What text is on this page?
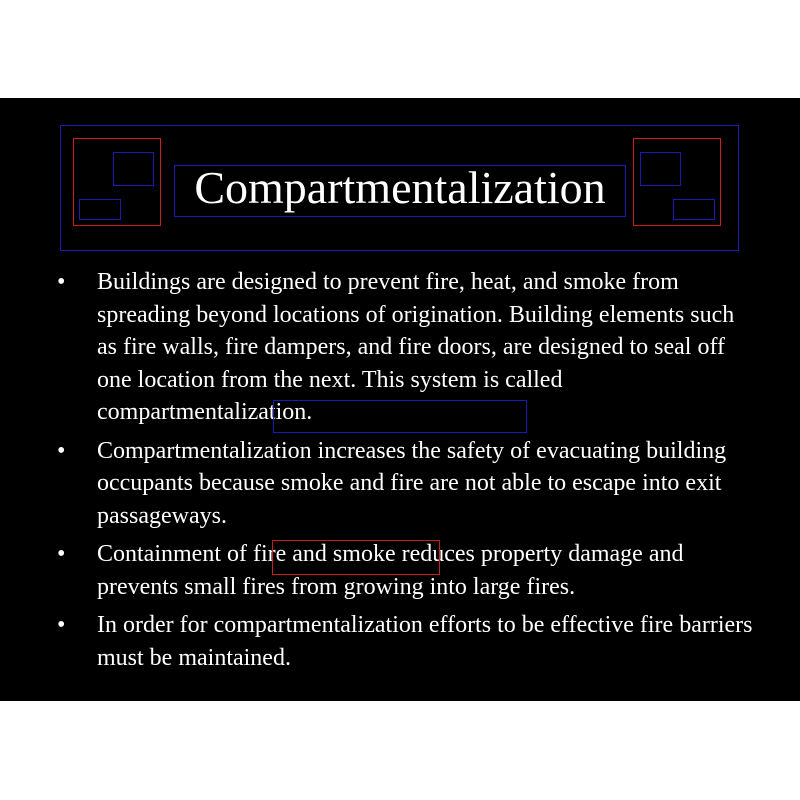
Compartmentalization
• Buildings are designed to prevent fire, heat, and smoke from spreading beyond locations of origination. Building elements such as fire walls, fire dampers, and fire doors, are designed to seal off one location from the next. This system is called compartmentalization.
• Compartmentalization increases the safety of evacuating building occupants because smoke and fire are not able to escape into exit passageways.
• Containment of fire and smoke reduces property damage and prevents small fires from growing into large fires.
• In order for compartmentalization efforts to be effective fire barriers must be maintained.
